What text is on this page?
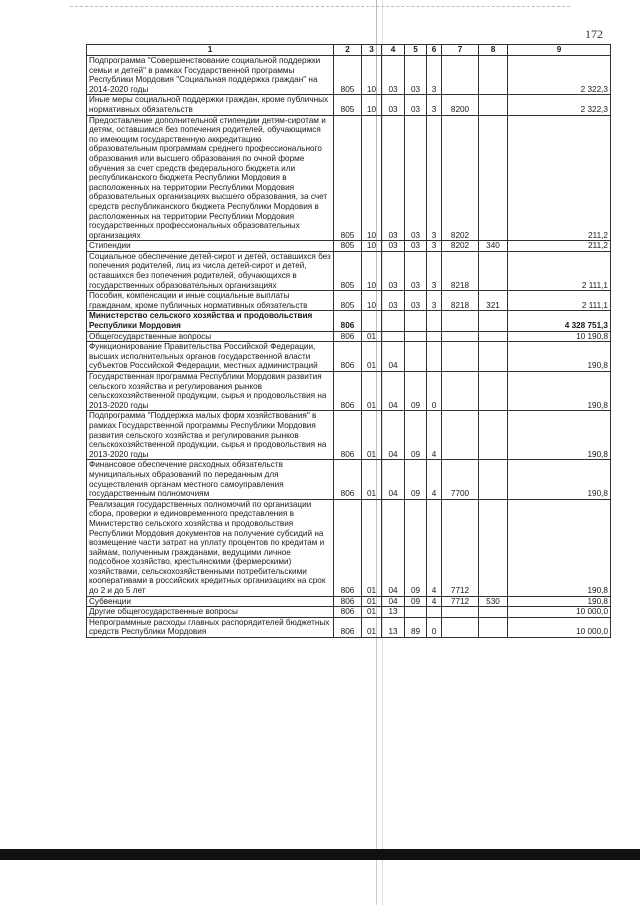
172
1	2	3	4	5	6	7	8	9
Подпрограмма "Совершенствование социальной поддержки семьи и детей" в рамках Государственной программы Республики Мордовия "Социальная поддержка граждан" на 2014-2020 годы	805	10	03	03	3			2 322,3
Иные меры социальной поддержки граждан, кроме публичных нормативных обязательств	805	10	03	03	3	8200		2 322,3
Предоставление дополнительной стипендии детям-сиротам и детям, оставшимся без попечения родителей, обучающимся по имеющим государственную аккредитацию образовательным программам среднего профессионального образования или высшего образования по очной форме обучения за счет средств федерального бюджета или республиканского бюджета Республики Мордовия в расположенных на территории Республики Мордовия образовательных организациях высшего образования, за счет средств республиканского бюджета Республики Мордовия в расположенных на территории Республики Мордовия государственных профессиональных образовательных организациях	805	10	03	03	3	8202		211,2
Стипендии	805	10	03	03	3	8202	340	211,2
Социальное обеспечение детей-сирот и детей, оставшихся без попечения родителей, лиц из числа детей-сирот и детей, оставшихся без попечения родителей, обучающихся в государственных образовательных организациях	805	10	03	03	3	8218		2 111,1
Пособия, компенсации и иные социальные выплаты гражданам, кроме публичных нормативных обязательств	805	10	03	03	3	8218	321	2 111,1
Министерство сельского хозяйства и продовольствия Республики Мордовия	806							4 328 751,3
Общегосударственные вопросы	806	01						10 190,8
Функционирование Правительства Российской Федерации, высших исполнительных органов государственной власти субъектов Российской Федерации, местных администраций	806	01	04					190,8
Государственная программа Республики Мордовия развития сельского хозяйства и регулирования рынков сельскохозяйственной продукции, сырья и продовольствия на 2013-2020 годы	806	01	04	09	0			190,8
Подпрограмма "Поддержка малых форм хозяйствования" в рамках Государственной программы Республики Мордовия развития сельского хозяйства и регулирования рынков сельскохозяйственной продукции, сырья и продовольствия на 2013-2020 годы	806	01	04	09	4			190,8
Финансовое обеспечение расходных обязательств муниципальных образований по переданным для осуществления органам местного самоуправления государственным полномочиям	806	01	04	09	4	7700		190,8
Реализация государственных полномочий по организации сбора, проверки и единовременного представления в Министерство сельского хозяйства и продовольствия Республики Мордовия документов на получение субсидий на возмещение части затрат на уплату процентов по кредитам и займам, полученным гражданами, ведущими личное подсобное хозяйство, крестьянскими (фермерскими) хозяйствами, сельскохозяйственными потребительскими кооперативами в российских кредитных организациях на срок до 2 и до 5 лет	806	01	04	09	4	7712		190,8
Субвенции	806	01	04	09	4	7712	530	190,8
Другие общегосударственные вопросы	806	01	13					10 000,0
Непрограммные расходы главных распорядителей бюджетных средств Республики Мордовия	806	01	13	89	0			10 000,0
